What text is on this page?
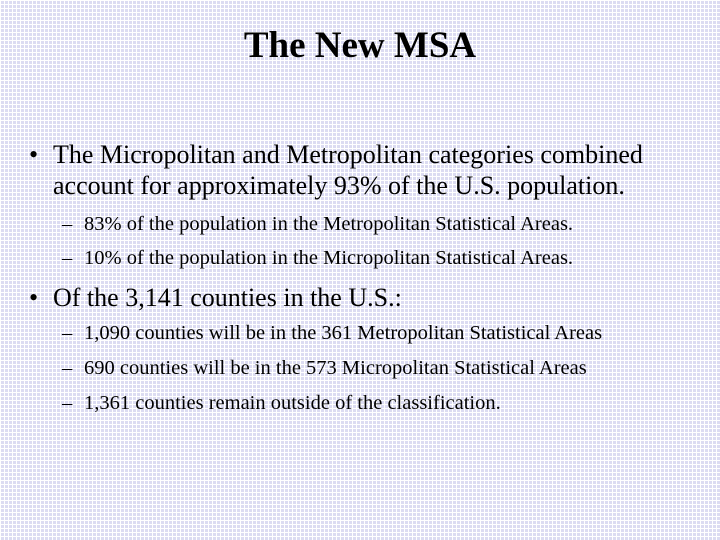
The New MSA
• The Micropolitan and Metropolitan categories combined account for approximately 93% of the U.S. population.
– 83% of the population in the Metropolitan Statistical Areas.
– 10% of the population in the Micropolitan Statistical Areas.
• Of the 3,141 counties in the U.S.:
– 1,090 counties will be in the 361 Metropolitan Statistical Areas
– 690 counties will be in the 573 Micropolitan Statistical Areas
– 1,361 counties remain outside of the classification.
